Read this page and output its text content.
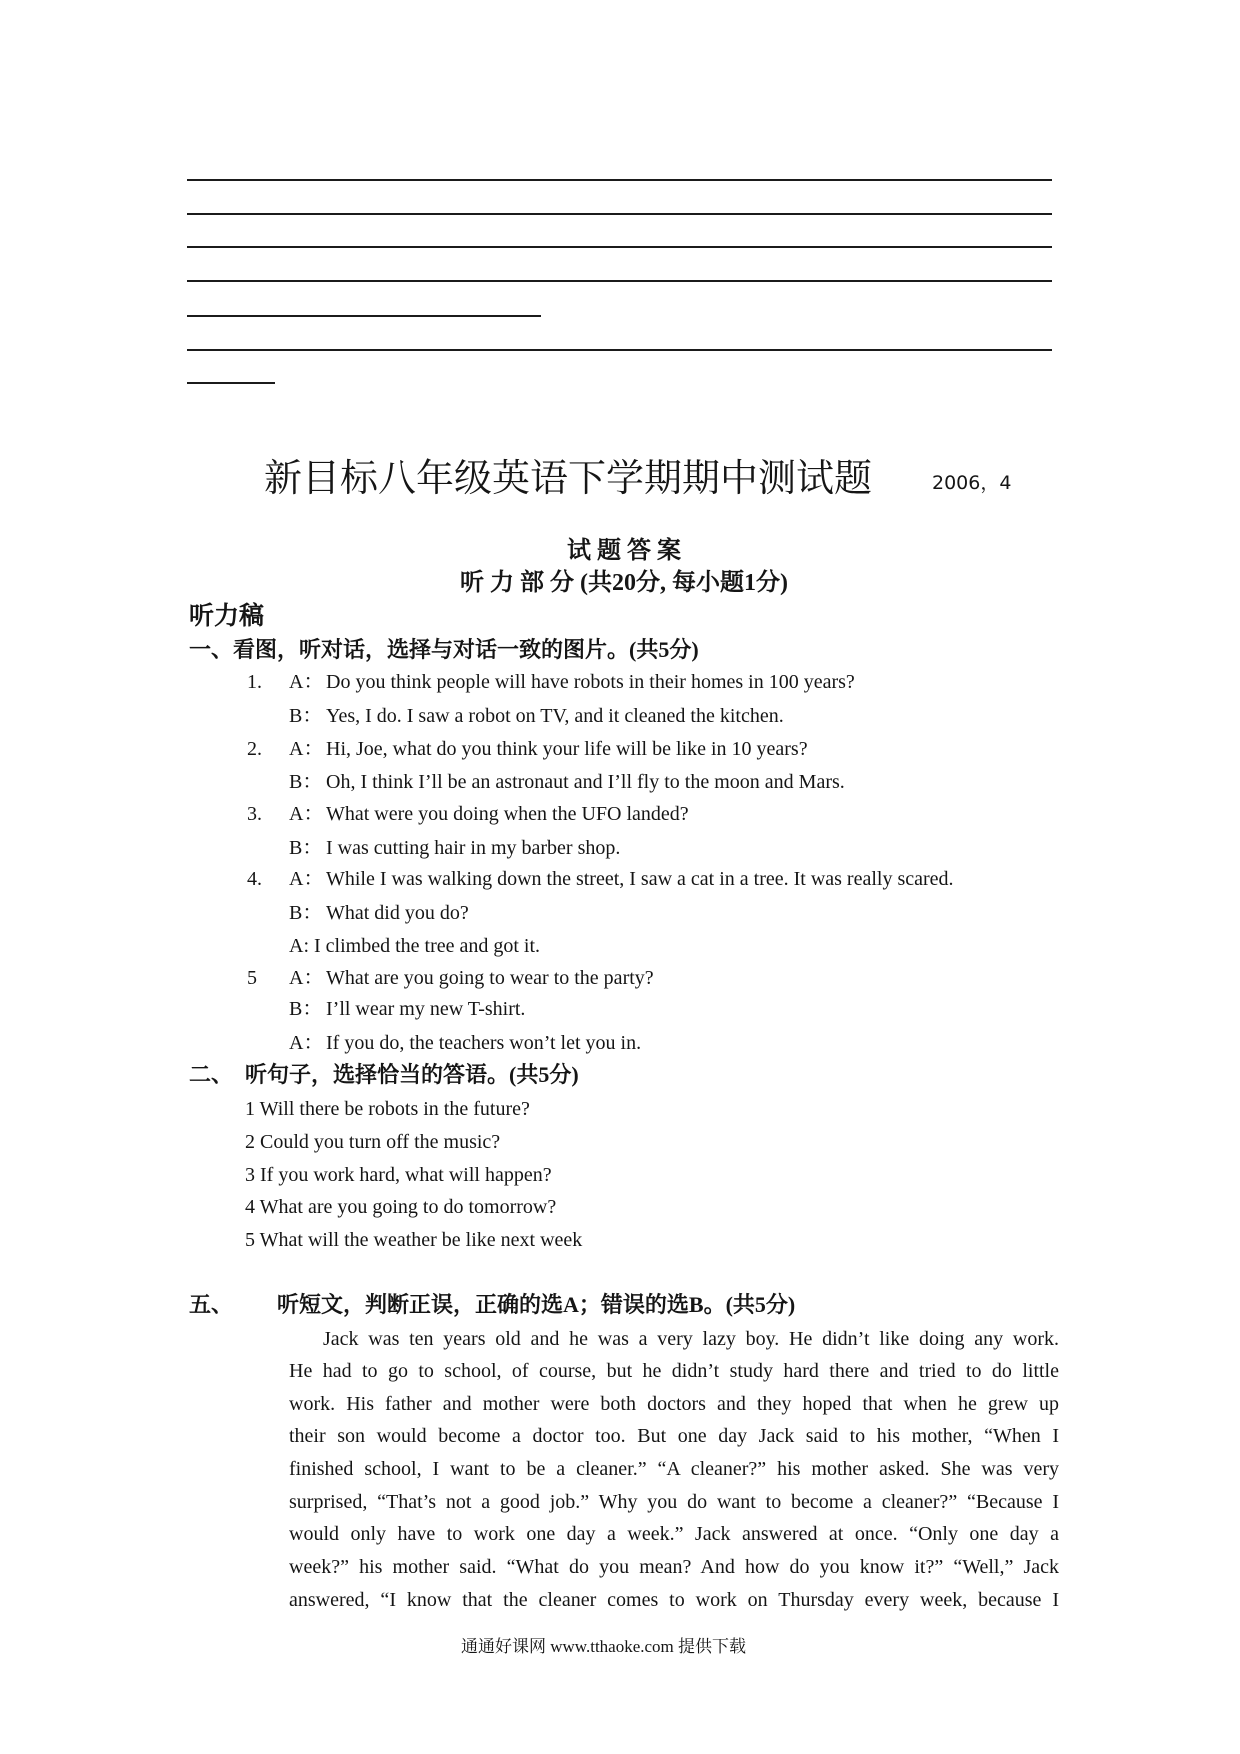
新目标八年级英语下学期期中测试题	2006，4
试 题 答 案
听 力 部 分 (共20分, 每小题1分)
听力稿
一、看图，听对话，选择与对话一致的图片。(共5分)
1. A： Do you think people will have robots in their homes in 100 years?
B： Yes, I do. I saw a robot on TV, and it cleaned the kitchen.
2. A： Hi, Joe, what do you think your life will be like in 10 years?
B： Oh, I think I’ll be an astronaut and I’ll fly to the moon and Mars.
3. A： What were you doing when the UFO landed?
B： I was cutting hair in my barber shop.
4. A： While I was walking down the street, I saw a cat in a tree. It was really scared.
B： What did you do?
A: I climbed the tree and got it.
5 A： What are you going to wear to the party?
B： I’ll wear my new T-shirt.
A： If you do, the teachers won’t let you in.
二、 听句子，选择恰当的答语。(共5分)
1 Will there be robots in the future?
2 Could you turn off the music?
3 If you work hard, what will happen?
4 What are you going to do tomorrow?
5 What will the weather be like next week
五、 听短文，判断正误，正确的选A；错误的选B。(共5分)
Jack was ten years old and he was a very lazy boy. He didn’t like doing any work.
He had to go to school, of course, but he didn’t study hard there and tried to do little
work. His father and mother were both doctors and they hoped that when he grew up
their son would become a doctor too. But one day Jack said to his mother, “When I
finished school, I want to be a cleaner.” “A cleaner?” his mother asked. She was very
surprised, “That’s not a good job.” Why you do want to become a cleaner?” “Because I
would only have to work one day a week.” Jack answered at once. “Only one day a
week?” his mother said. “What do you mean? And how do you know it?” “Well,” Jack
answered, “I know that the cleaner comes to work on Thursday every week, because I
通通好课网 www.tthaoke.com 提供下载
